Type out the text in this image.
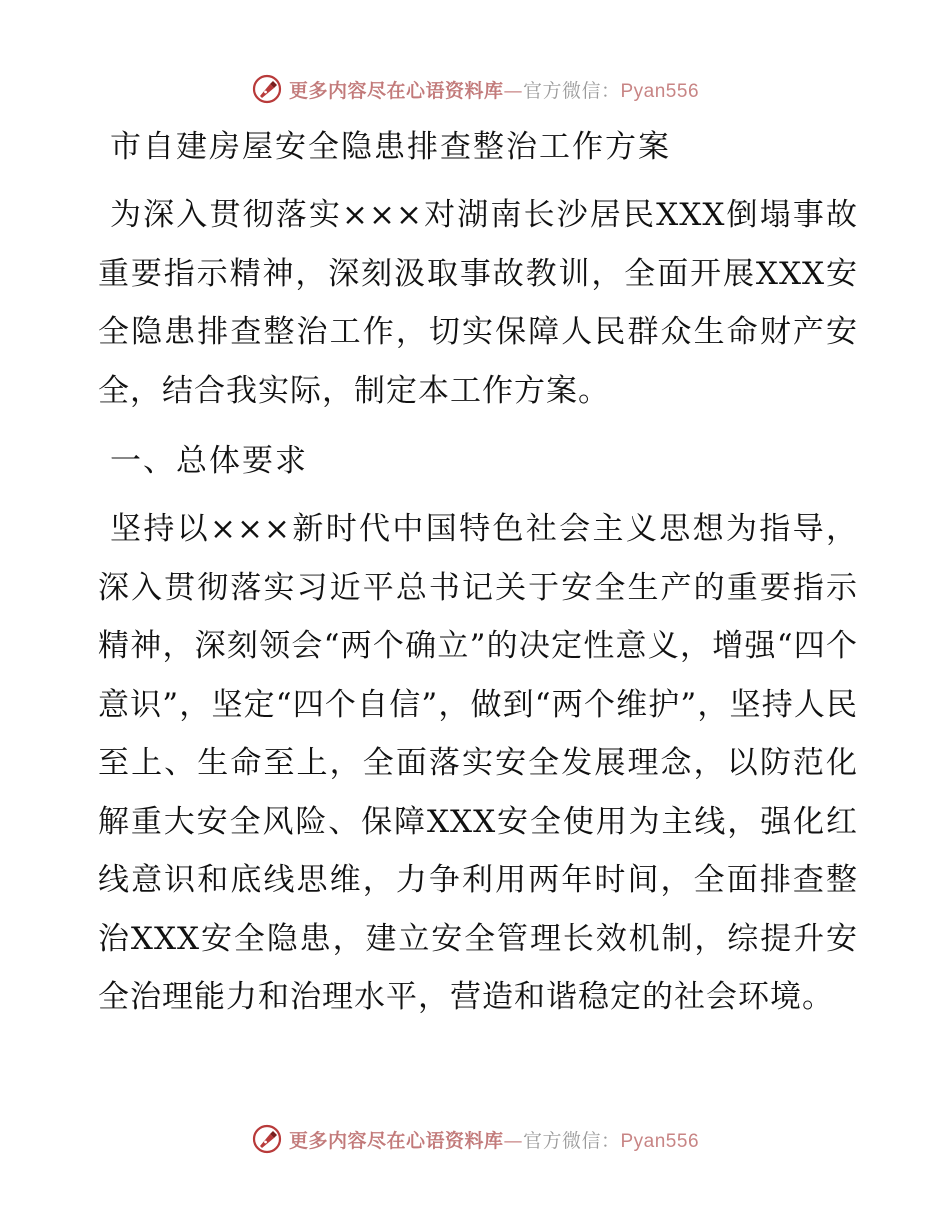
更多内容尽在心语资料库—官方微信：Pyan556
市自建房屋安全隐患排查整治工作方案

为深入贯彻落实×××对湖南长沙居民XXX倒塌事故重要指示精神，深刻汲取事故教训，全面开展XXX安全隐患排查整治工作，切实保障人民群众生命财产安全，结合我实际，制定本工作方案。

一、总体要求

坚持以×××新时代中国特色社会主义思想为指导，深入贯彻落实习近平总书记关于安全生产的重要指示精神，深刻领会“两个确立”的决定性意义，增强“四个意识”，坚定“四个自信”，做到“两个维护”，坚持人民至上、生命至上，全面落实安全发展理念，以防范化解重大安全风险、保障XXX安全使用为主线，强化红线意识和底线思维，力争利用两年时间，全面排查整治XXX安全隐患，建立安全管理长效机制，综提升安全治理能力和治理水平，营造和谐稳定的社会环境。

更多内容尽在心语资料库—官方微信：Pyan556
